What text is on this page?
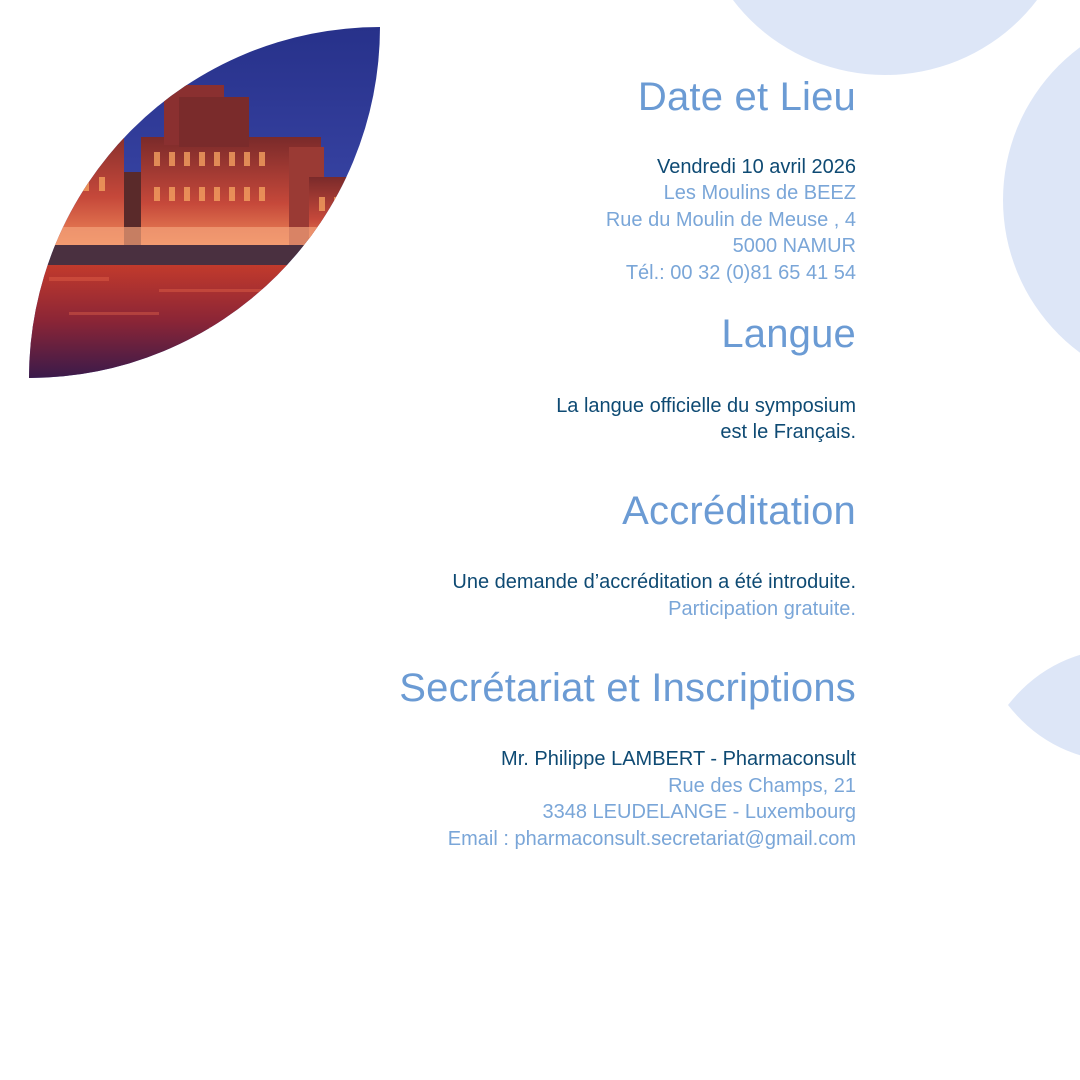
Date et Lieu
Vendredi 10 avril 2026
Les Moulins de BEEZ
Rue du Moulin de Meuse , 4
5000 NAMUR
Tél.: 00 32 (0)81 65 41 54
Langue
La langue officielle du symposium
est le Français.
Accréditation
Une demande d’accréditation a été introduite.
Participation gratuite.
Secrétariat et Inscriptions
Mr. Philippe LAMBERT - Pharmaconsult
Rue des Champs, 21
3348 LEUDELANGE - Luxembourg
Email : pharmaconsult.secretariat@gmail.com
